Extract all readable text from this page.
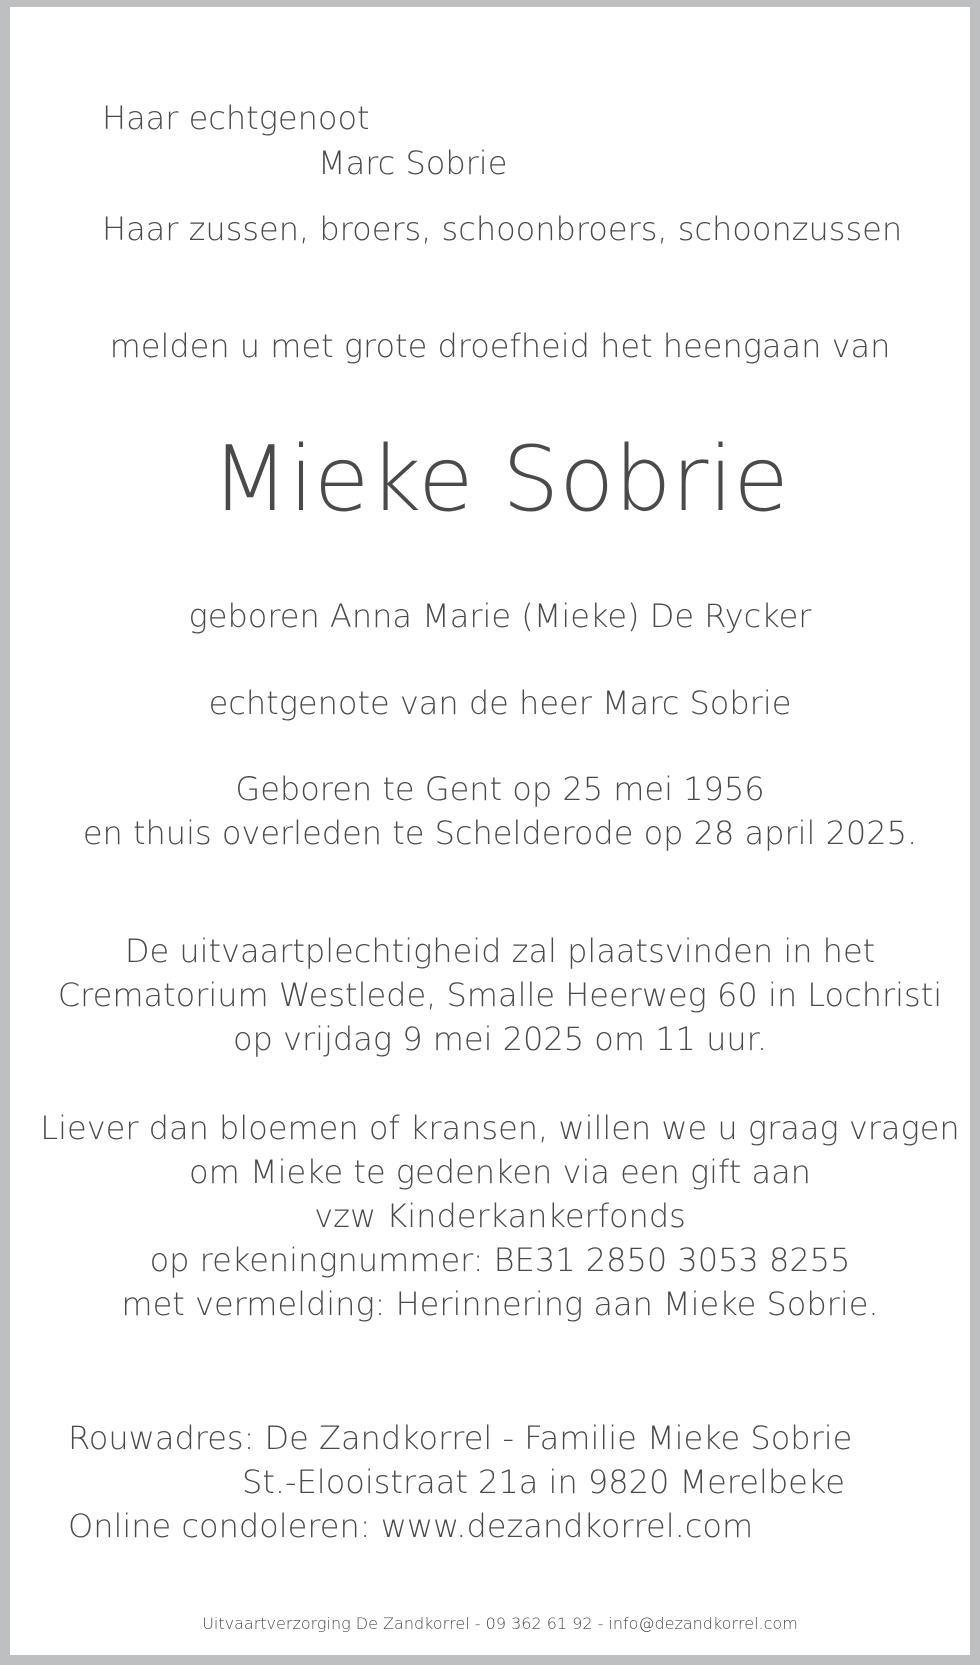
Haar echtgenoot
Marc Sobrie
Haar zussen, broers, schoonbroers, schoonzussen
melden u met grote droefheid het heengaan van
Mieke Sobrie
geboren Anna Marie (Mieke) De Rycker
echtgenote van de heer Marc Sobrie
Geboren te Gent op 25 mei 1956
en thuis overleden te Schelderode op 28 april 2025.
De uitvaartplechtigheid zal plaatsvinden in het
Crematorium Westlede, Smalle Heerweg 60 in Lochristi
op vrijdag 9 mei 2025 om 11 uur.
Liever dan bloemen of kransen, willen we u graag vragen
om Mieke te gedenken via een gift aan
vzw Kinderkankerfonds
op rekeningnummer: BE31 2850 3053 8255
met vermelding: Herinnering aan Mieke Sobrie.
Rouwadres: De Zandkorrel - Familie Mieke Sobrie
St.-Elooistraat 21a in 9820 Merelbeke
Online condoleren: www.dezandkorrel.com
Uitvaartverzorging De Zandkorrel - 09 362 61 92 - info@dezandkorrel.com
